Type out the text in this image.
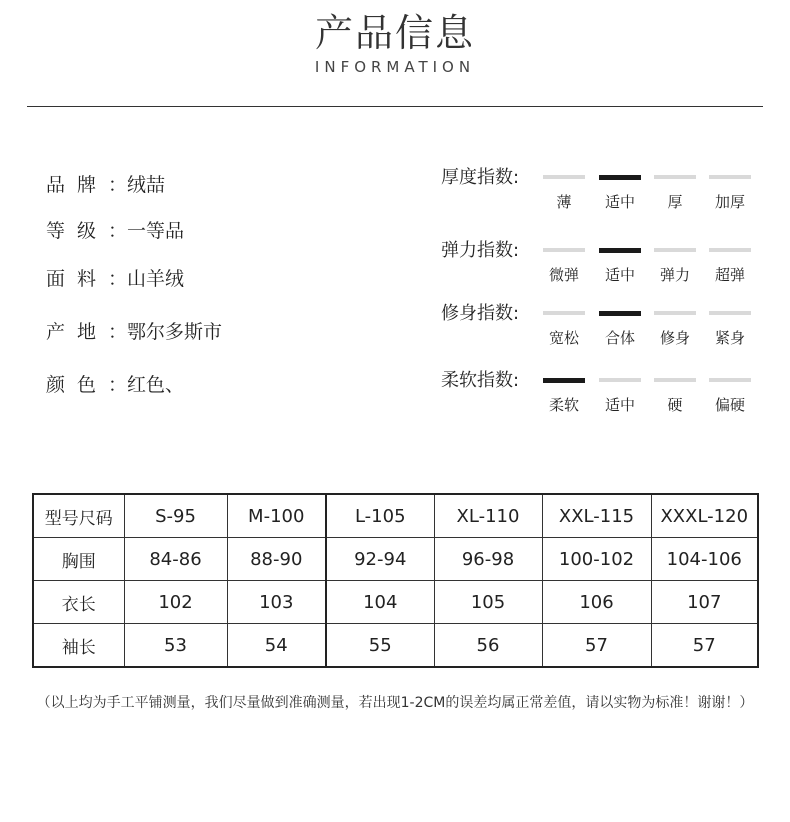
产品信息
INFORMATION
品牌：绒喆
等级：一等品
面料：山羊绒
产地：鄂尔多斯市
颜色：红色、
厚度指数:
薄	适中	厚	加厚
弹力指数:
微弹	适中	弹力	超弹
修身指数:
宽松	合体	修身	紧身
柔软指数:
柔软	适中	硬	偏硬
型号尺码	S-95	M-100	L-105	XL-110	XXL-115	XXXL-120
胸围	84-86	88-90	92-94	96-98	100-102	104-106
衣长	102	103	104	105	106	107
袖长	53	54	55	56	57	57
（以上均为手工平铺测量，我们尽量做到准确测量，若出现1-2CM的误差均属正常差值，请以实物为标准！谢谢！）
